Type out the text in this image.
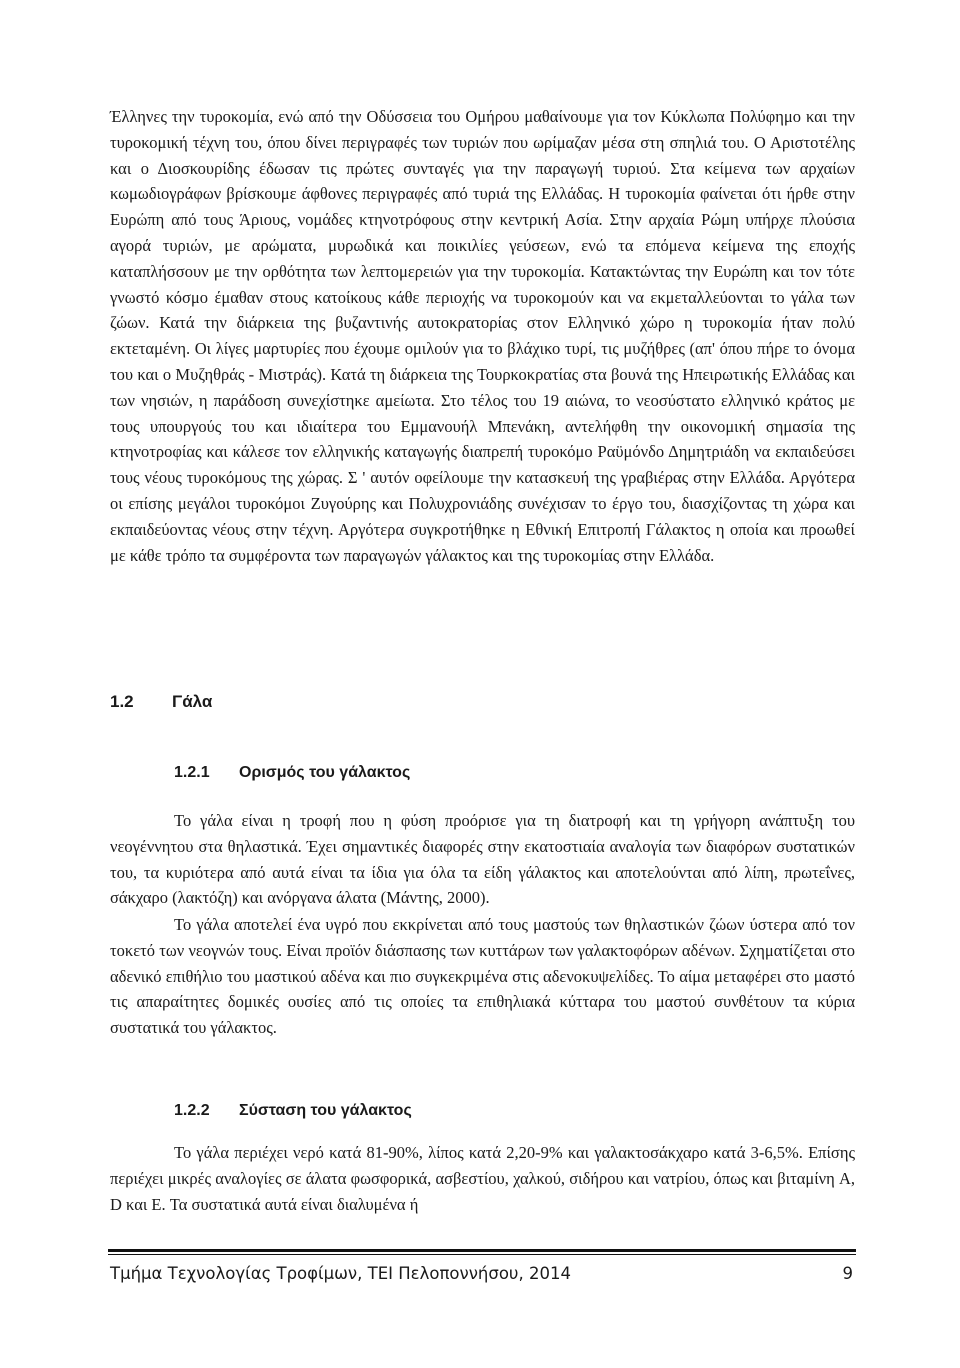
Έλληνες την τυροκομία, ενώ από την Οδύσσεια του Ομήρου μαθαίνουμε για τον Κύκλωπα Πολύφημο και την τυροκομική τέχνη του, όπου δίνει περιγραφές των τυριών που ωρίμαζαν μέσα στη σπηλιά του. Ο Αριστοτέλης και ο Διοσκουρίδης έδωσαν τις πρώτες συνταγές για την παραγωγή τυριού. Στα κείμενα των αρχαίων κωμωδιογράφων βρίσκουμε άφθονες περιγραφές από τυριά της Ελλάδας. Η τυροκομία φαίνεται ότι ήρθε στην Ευρώπη από τους Άριους, νομάδες κτηνοτρόφους στην κεντρική Ασία. Στην αρχαία Ρώμη υπήρχε πλούσια αγορά τυριών, με αρώματα, μυρωδικά και ποικιλίες γεύσεων, ενώ τα επόμενα κείμενα της εποχής καταπλήσσουν με την ορθότητα των λεπτομερειών για την τυροκομία. Κατακτώντας την Ευρώπη και τον τότε γνωστό κόσμο έμαθαν στους κατοίκους κάθε περιοχής να τυροκομούν και να εκμεταλλεύονται το γάλα των ζώων. Κατά την διάρκεια της βυζαντινής αυτοκρατορίας στον Ελληνικό χώρο η τυροκομία ήταν πολύ εκτεταμένη. Οι λίγες μαρτυρίες που έχουμε ομιλούν για το βλάχικο τυρί, τις μυζήθρες (απ' όπου πήρε το όνομα του και ο Μυζηθράς - Μιστράς). Κατά τη διάρκεια της Τουρκοκρατίας στα βουνά της Ηπειρωτικής Ελλάδας και των νησιών, η παράδοση συνεχίστηκε αμείωτα. Στο τέλος του 19 αιώνα, το νεοσύστατο ελληνικό κράτος με τους υπουργούς του και ιδιαίτερα του Εμμανουήλ Μπενάκη, αντελήφθη την οικονομική σημασία της κτηνοτροφίας και κάλεσε τον ελληνικής καταγωγής διαπρεπή τυροκόμο Ραϋμόνδο Δημητριάδη να εκπαιδεύσει τους νέους τυροκόμους της χώρας. Σ ' αυτόν οφείλουμε την κατασκευή της γραβιέρας στην Ελλάδα. Αργότερα οι επίσης μεγάλοι τυροκόμοι Ζυγούρης και Πολυχρονιάδης συνέχισαν το έργο του, διασχίζοντας τη χώρα και εκπαιδεύοντας νέους στην τέχνη. Αργότερα συγκροτήθηκε η Εθνική Επιτροπή Γάλακτος η οποία και προωθεί με κάθε τρόπο τα συμφέροντα των παραγωγών γάλακτος και της τυροκομίας στην Ελλάδα.

1.2 Γάλα
1.2.1 Ορισμός του γάλακτος

Το γάλα είναι η τροφή που η φύση προόρισε για τη διατροφή και τη γρήγορη ανάπτυξη του νεογέννητου στα θηλαστικά. Έχει σημαντικές διαφορές στην εκατοστιαία αναλογία των διαφόρων συστατικών του, τα κυριότερα από αυτά είναι τα ίδια για όλα τα είδη γάλακτος και αποτελούνται από λίπη, πρωτεΐνες, σάκχαρο (λακτόζη) και ανόργανα άλατα (Μάντης, 2000).

Το γάλα αποτελεί ένα υγρό που εκκρίνεται από τους μαστούς των θηλαστικών ζώων ύστερα από τον τοκετό των νεογνών τους. Είναι προϊόν διάσπασης των κυττάρων των γαλακτοφόρων αδένων. Σχηματίζεται στο αδενικό επιθήλιο του μαστικού αδένα και πιο συγκεκριμένα στις αδενοκυψελίδες. Το αίμα μεταφέρει στο μαστό τις απαραίτητες δομικές ουσίες από τις οποίες τα επιθηλιακά κύτταρα του μαστού συνθέτουν τα κύρια συστατικά του γάλακτος.

1.2.2 Σύσταση του γάλακτος

Το γάλα περιέχει νερό κατά 81-90%, λίπος κατά 2,20-9% και γαλακτοσάκχαρο κατά 3-6,5%. Επίσης περιέχει μικρές αναλογίες σε άλατα φωσφορικά, ασβεστίου, χαλκού, σιδήρου και νατρίου, όπως και βιταμίνη A, D και E. Τα συστατικά αυτά είναι διαλυμένα ή

Τμήμα Τεχνολογίας Τροφίμων, ΤΕΙ Πελοποννήσου, 2014	9
